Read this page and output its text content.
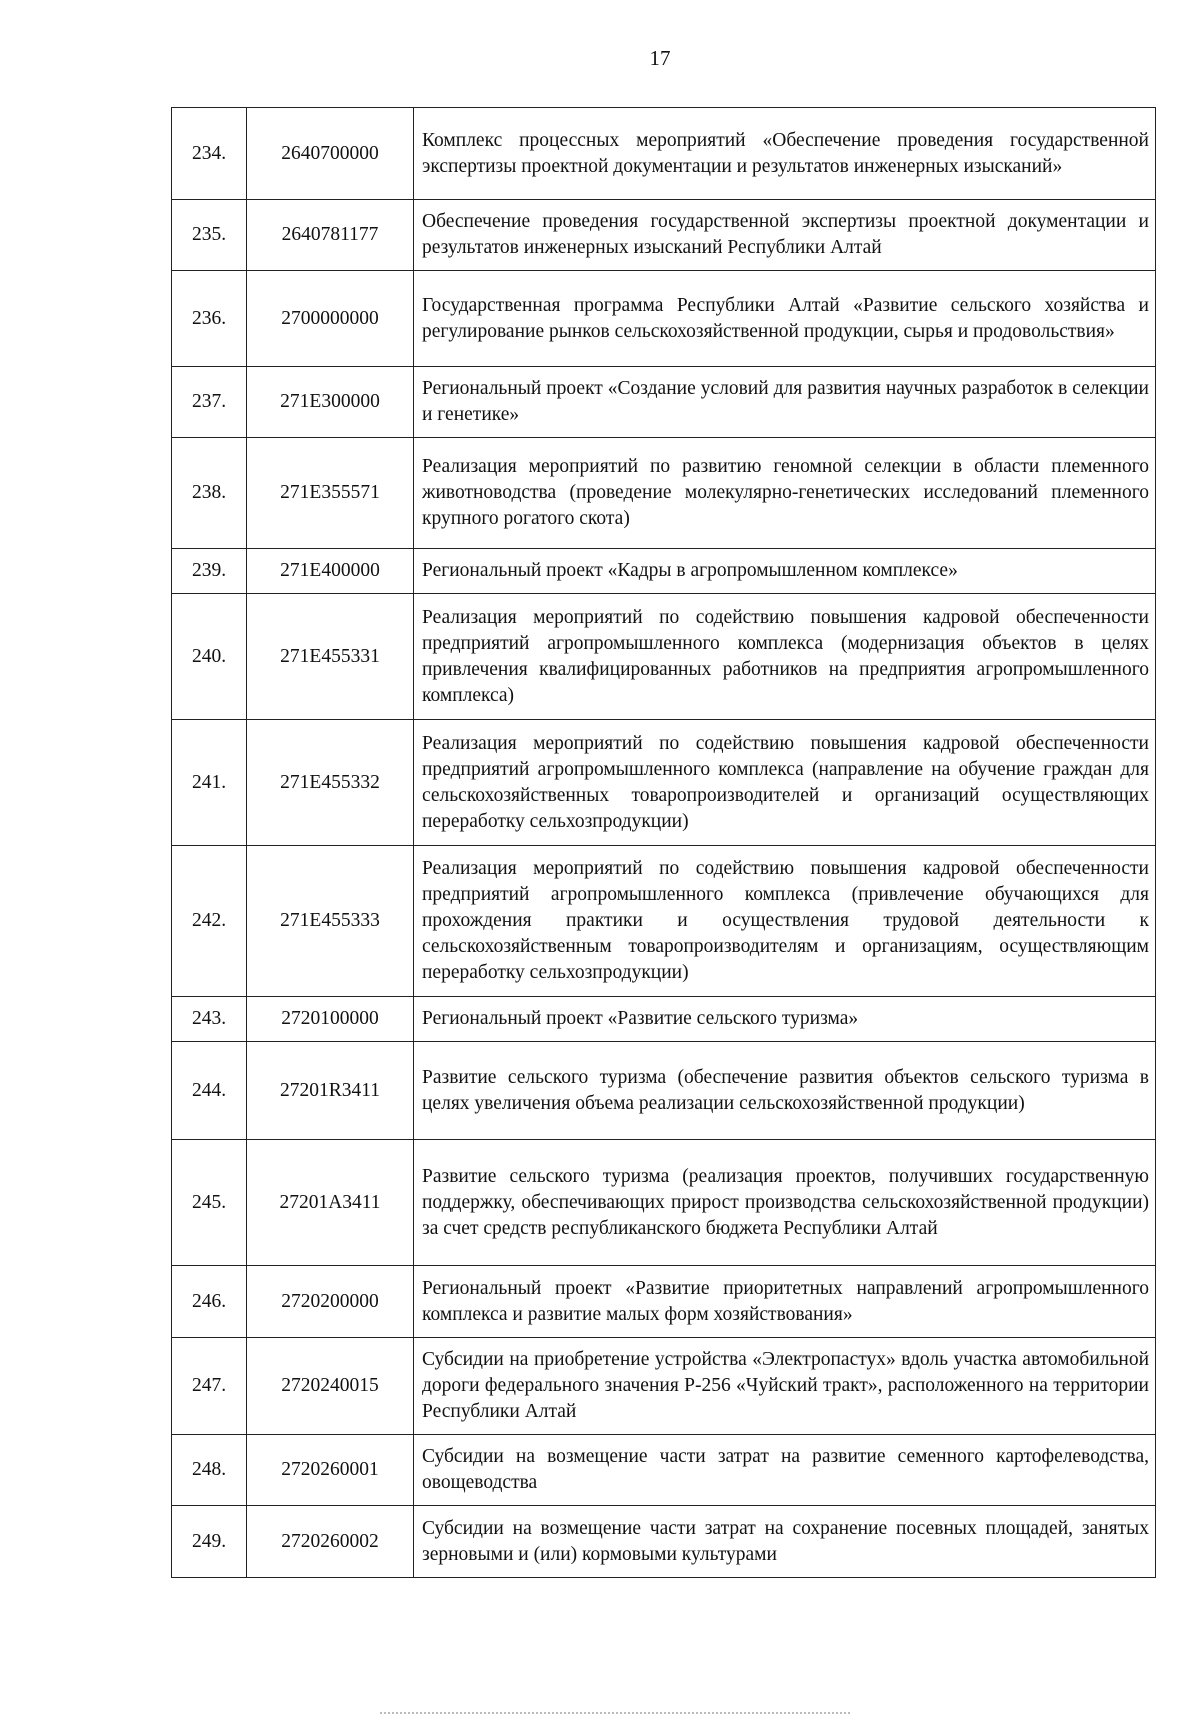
17
234.	2640700000	Комплекс процессных мероприятий «Обеспечение проведения государственной экспертизы проектной документации и результатов инженерных изысканий»
235.	2640781177	Обеспечение проведения государственной экспертизы проектной документации и результатов инженерных изысканий Республики Алтай
236.	2700000000	Государственная программа Республики Алтай «Развитие сельского хозяйства и регулирование рынков сельскохозяйственной продукции, сырья и продовольствия»
237.	271E300000	Региональный проект «Создание условий для развития научных разработок в селекции и генетике»
238.	271E355571	Реализация мероприятий по развитию геномной селекции в области племенного животноводства (проведение молекулярно-генетических исследований племенного крупного рогатого скота)
239.	271E400000	Региональный проект «Кадры в агропромышленном комплексе»
240.	271E455331	Реализация мероприятий по содействию повышения кадровой обеспеченности предприятий агропромышленного комплекса (модернизация объектов в целях привлечения квалифицированных работников на предприятия агропромышленного комплекса)
241.	271E455332	Реализация мероприятий по содействию повышения кадровой обеспеченности предприятий агропромышленного комплекса (направление на обучение граждан для сельскохозяйственных товаропроизводителей и организаций осуществляющих переработку сельхозпродукции)
242.	271E455333	Реализация мероприятий по содействию повышения кадровой обеспеченности предприятий агропромышленного комплекса (привлечение обучающихся для прохождения практики и осуществления трудовой деятельности к сельскохозяйственным товаропроизводителям и организациям, осуществляющим переработку сельхозпродукции)
243.	2720100000	Региональный проект «Развитие сельского туризма»
244.	27201R3411	Развитие сельского туризма (обеспечение развития объектов сельского туризма в целях увеличения объема реализации сельскохозяйственной продукции)
245.	27201А3411	Развитие сельского туризма (реализация проектов, получивших государственную поддержку, обеспечивающих прирост производства сельскохозяйственной продукции) за счет средств республиканского бюджета Республики Алтай
246.	2720200000	Региональный проект «Развитие приоритетных направлений агропромышленного комплекса и развитие малых форм хозяйствования»
247.	2720240015	Субсидии на приобретение устройства «Электропастух» вдоль участка автомобильной дороги федерального значения Р-256 «Чуйский тракт», расположенного на территории Республики Алтай
248.	2720260001	Субсидии на возмещение части затрат на развитие семенного картофелеводства, овощеводства
249.	2720260002	Субсидии на возмещение части затрат на сохранение посевных площадей, занятых зерновыми и (или) кормовыми культурами
